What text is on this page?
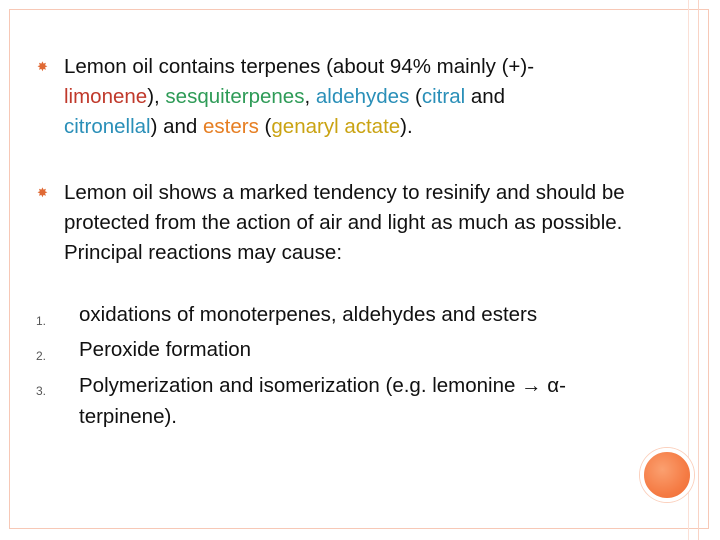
✸ Lemon oil contains terpenes (about 94% mainly (+)-
limonene), sesquiterpenes, aldehydes (citral and
citronellal) and esters (genaryl actate).
✸ Lemon oil shows a marked tendency to resinify and should be protected from the action of air and light as much as possible. Principal reactions may cause:
1. oxidations of monoterpenes, aldehydes and esters
2. Peroxide formation
3. Polymerization and isomerization (e.g. lemonine → α-terpinene).
